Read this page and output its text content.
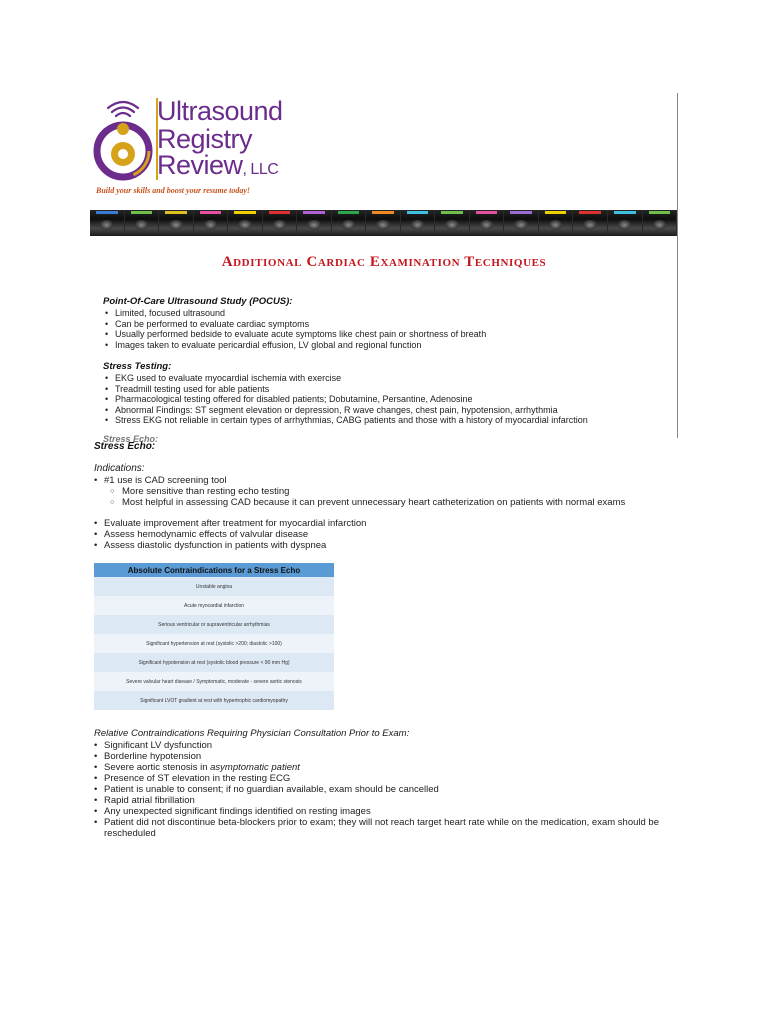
Ultrasound
Registry
Review, LLC
Build your skills and boost your resume today!
Additional Cardiac Examination Techniques
Point-Of-Care Ultrasound Study (POCUS):
• Limited, focused ultrasound
• Can be performed to evaluate cardiac symptoms
• Usually performed bedside to evaluate acute symptoms like chest pain or shortness of breath
• Images taken to evaluate pericardial effusion, LV global and regional function
Stress Testing:
• EKG used to evaluate myocardial ischemia with exercise
• Treadmill testing used for able patients
• Pharmacological testing offered for disabled patients; Dobutamine, Persantine, Adenosine
• Abnormal Findings: ST segment elevation or depression, R wave changes, chest pain, hypotension, arrhythmia
• Stress EKG not reliable in certain types of arrhythmias, CABG patients and those with a history of myocardial infarction
$^{Stress Echo:}$
Stress Echo:
Indications:
• #1 use is CAD screening tool
○ More sensitive than resting echo testing
○ Most helpful in assessing CAD because it can prevent unnecessary heart catheterization on patients with normal exams
• Evaluate improvement after treatment for myocardial infarction
• Assess hemodynamic effects of valvular disease
• Assess diastolic dysfunction in patients with dyspnea
Absolute Contraindications for a Stress Echo
Unstable angina
Acute myocardial infarction
Serious ventricular or supraventricular arrhythmias
Significant hypertension at rest (systolic >200; diastolic >100)
Significant hypotension at rest (systolic blood pressure < 90 mm Hg)
Severe valvular heart disease / Symptomatic, moderate - severe aortic stenosis
Significant LVOT gradient at rest with hypertrophic cardiomyopathy
Relative Contraindications Requiring Physician Consultation Prior to Exam:
• Significant LV dysfunction
• Borderline hypotension
• Severe aortic stenosis in asymptomatic patient
• Presence of ST elevation in the resting ECG
• Patient is unable to consent; if no guardian available, exam should be cancelled
• Rapid atrial fibrillation
• Any unexpected significant findings identified on resting images
• Patient did not discontinue beta-blockers prior to exam; they will not reach target heart rate while on the medication, exam should be rescheduled
